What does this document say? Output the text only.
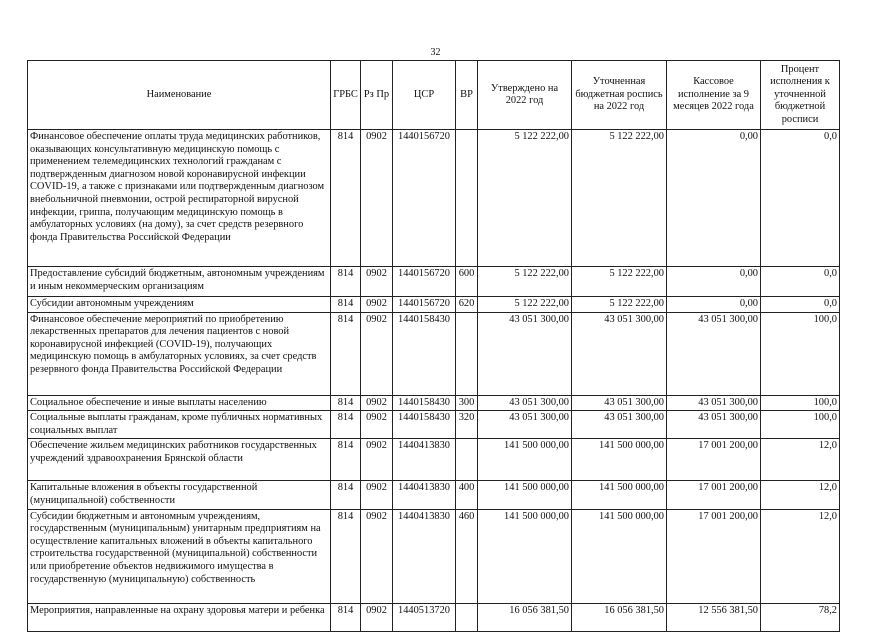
32
Наименование	ГРБС	Рз Пр	ЦСР	ВР	Утверждено на 2022 год	Уточненная бюджетная роспись на 2022 год	Кассовое исполнение за 9 месяцев 2022 года	Процент исполнения к уточненной бюджетной росписи
Финансовое обеспечение оплаты труда медицинских работников, оказывающих консультативную медицинскую помощь с применением телемедицинских технологий гражданам с подтвержденным диагнозом новой коронавирусной инфекции COVID-19, а также с признаками или подтвержденным диагнозом внебольничной пневмонии, острой респираторной вирусной инфекции, гриппа, получающим медицинскую помощь в амбулаторных условиях (на дому), за счет средств резервного фонда Правительства Российской Федерации	814	0902	1440156720		5 122 222,00	5 122 222,00	0,00	0,0
Предоставление субсидий бюджетным, автономным учреждениям и иным некоммерческим организациям	814	0902	1440156720	600	5 122 222,00	5 122 222,00	0,00	0,0
Субсидии автономным учреждениям	814	0902	1440156720	620	5 122 222,00	5 122 222,00	0,00	0,0
Финансовое обеспечение мероприятий по приобретению лекарственных препаратов для лечения пациентов с новой коронавирусной инфекцией (COVID-19), получающих медицинскую помощь в амбулаторных условиях, за счет средств резервного фонда Правительства Российской Федерации	814	0902	1440158430		43 051 300,00	43 051 300,00	43 051 300,00	100,0
Социальное обеспечение и иные выплаты населению	814	0902	1440158430	300	43 051 300,00	43 051 300,00	43 051 300,00	100,0
Социальные выплаты гражданам, кроме публичных нормативных социальных выплат	814	0902	1440158430	320	43 051 300,00	43 051 300,00	43 051 300,00	100,0
Обеспечение жильем медицинских работников государственных учреждений здравоохранения Брянской области	814	0902	1440413830		141 500 000,00	141 500 000,00	17 001 200,00	12,0
Капитальные вложения в объекты государственной (муниципальной) собственности	814	0902	1440413830	400	141 500 000,00	141 500 000,00	17 001 200,00	12,0
Субсидии бюджетным и автономным учреждениям, государственным (муниципальным) унитарным предприятиям на осуществление капитальных вложений в объекты капитального строительства государственной (муниципальной) собственности или приобретение объектов недвижимого имущества в государственную (муниципальную) собственность	814	0902	1440413830	460	141 500 000,00	141 500 000,00	17 001 200,00	12,0
Мероприятия, направленные на охрану здоровья матери и ребенка	814	0902	1440513720		16 056 381,50	16 056 381,50	12 556 381,50	78,2
